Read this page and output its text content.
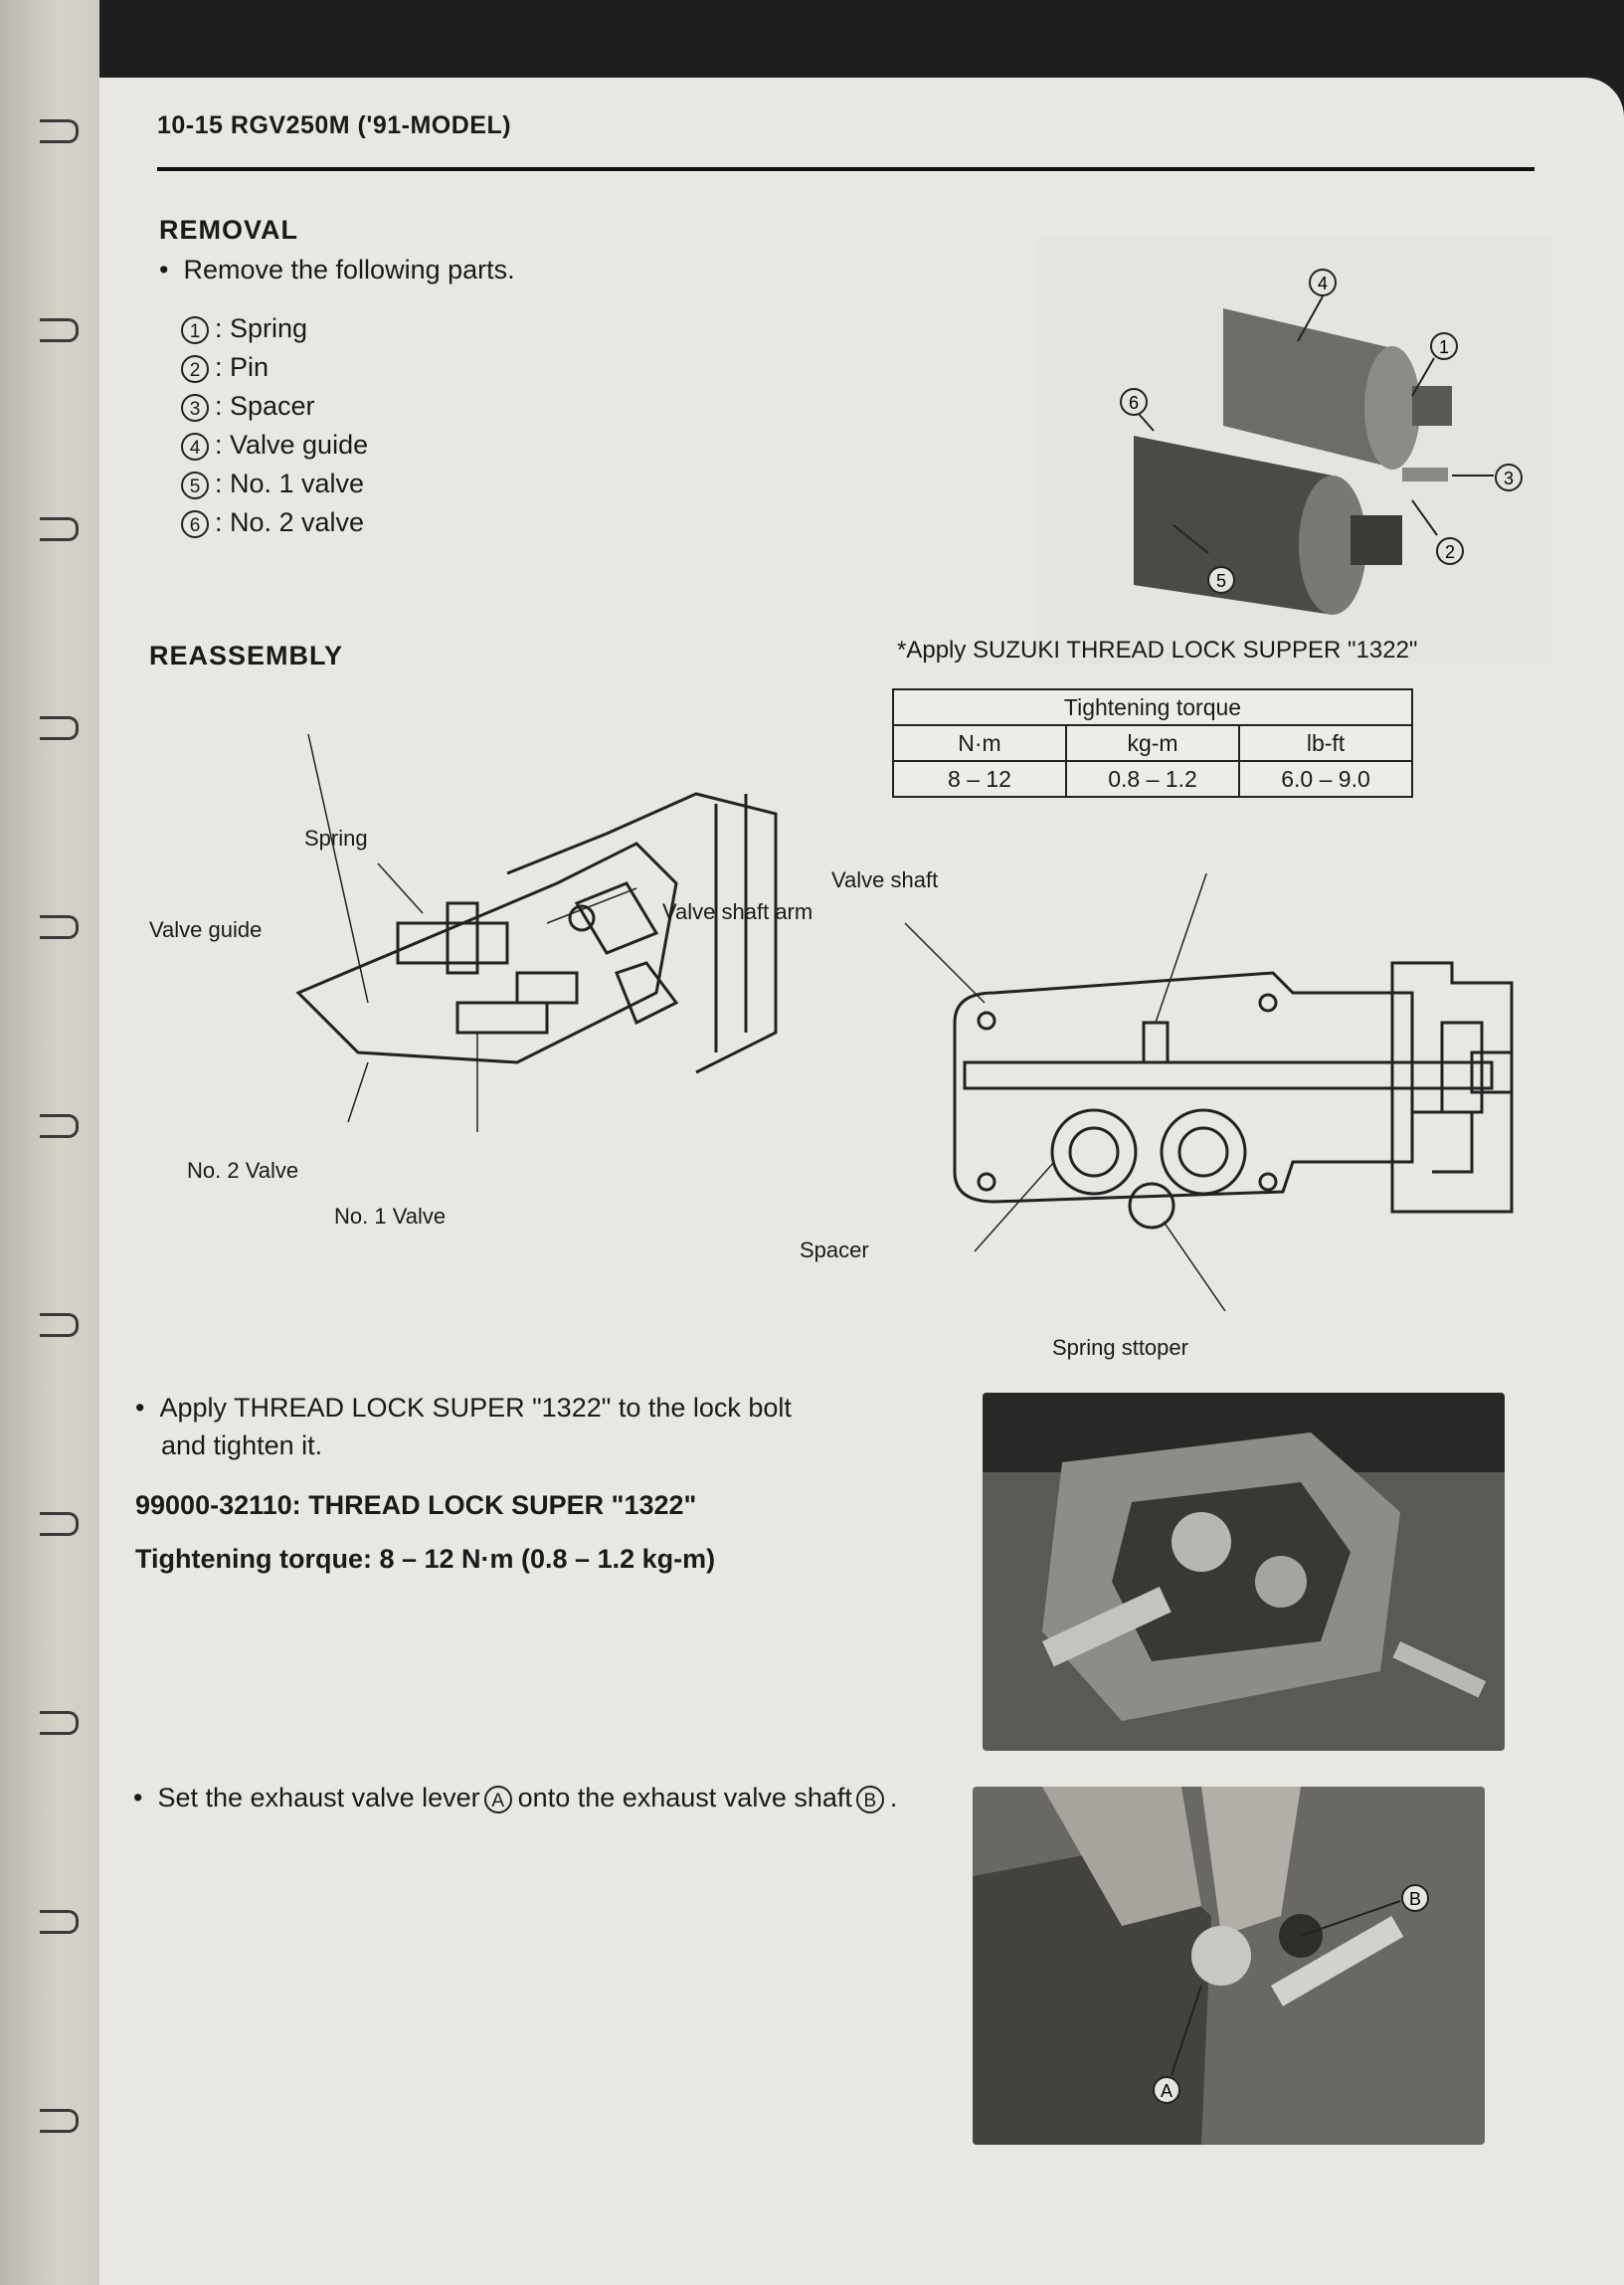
10-15 RGV250M ('91-MODEL)
REMOVAL
•  Remove the following parts.
1 : Spring
2 : Pin
3 : Spacer
4 : Valve guide
5 : No. 1 valve
6 : No. 2 valve
4
1
6
3
2
5
REASSEMBLY	*Apply SUZUKI THREAD LOCK SUPPER "1322"
Tightening torque		
N·m	kg-m	lb-ft
8 – 12	0.8 – 1.2	6.0 – 9.0
Spring
Valve guide
Valve shaft arm
No. 2 Valve
No. 1 Valve
Valve shaft
Spacer
Spring sttoper
•  Apply THREAD LOCK SUPER "1322" to the lock bolt
and tighten it.
99000-32110: THREAD LOCK SUPER "1322"
Tightening torque: 8 – 12 N·m (0.8 – 1.2 kg-m)
•  Set the exhaust valve lever A onto the exhaust valve shaft B .
B
A
